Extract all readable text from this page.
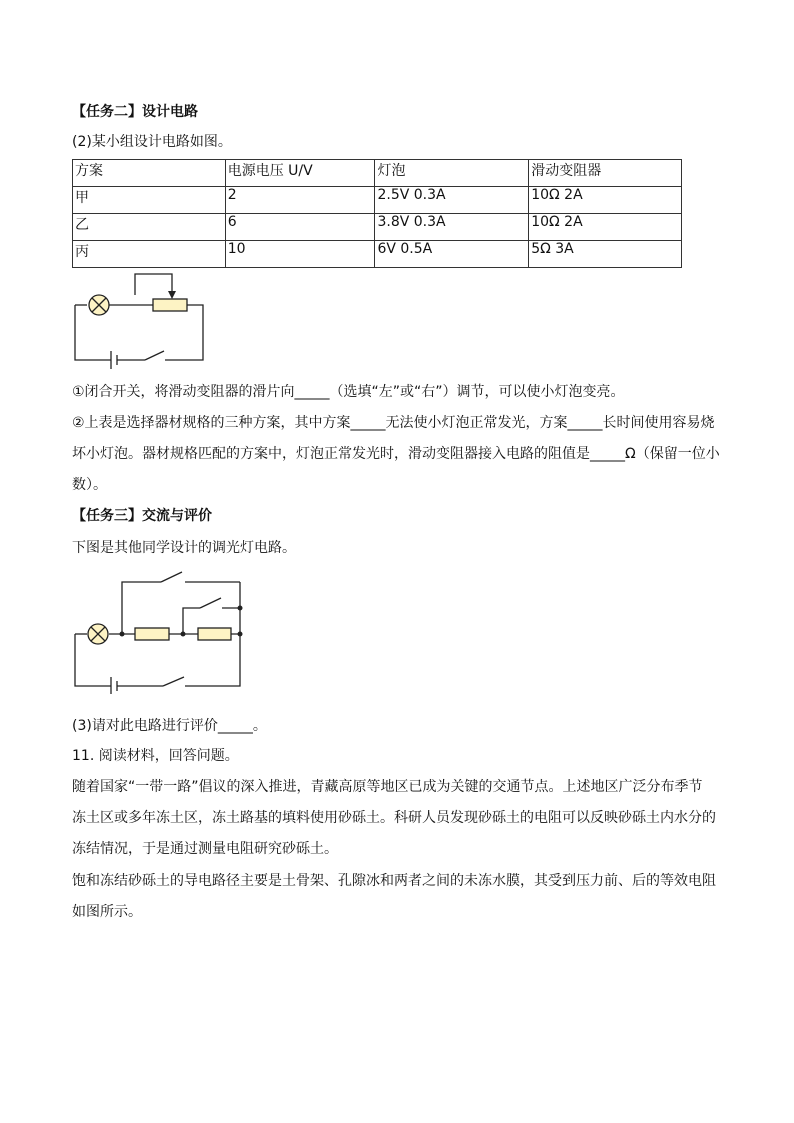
【任务二】设计电路
(2)某小组设计电路如图。
方案	电源电压 U/V	灯泡	滑动变阻器
甲	2	2.5V 0.3A	10Ω 2A
乙	6	3.8V 0.3A	10Ω 2A
丙	10	6V 0.5A	5Ω 3A
①闭合开关，将滑动变阻器的滑片向_____（选填“左”或“右”）调节，可以使小灯泡变亮。
②上表是选择器材规格的三种方案，其中方案_____无法使小灯泡正常发光，方案_____长时间使用容易烧
坏小灯泡。器材规格匹配的方案中，灯泡正常发光时，滑动变阻器接入电路的阻值是_____Ω（保留一位小
数）。
【任务三】交流与评价
下图是其他同学设计的调光灯电路。
(3)请对此电路进行评价_____。
11. 阅读材料，回答问题。
随着国家“一带一路”倡议的深入推进，青藏高原等地区已成为关键的交通节点。上述地区广泛分布季节
冻土区或多年冻土区，冻土路基的填料使用砂砾土。科研人员发现砂砾土的电阻可以反映砂砾土内水分的
冻结情况，于是通过测量电阻研究砂砾土。
饱和冻结砂砾土的导电路径主要是土骨架、孔隙冰和两者之间的未冻水膜，其受到压力前、后的等效电阻
如图所示。
